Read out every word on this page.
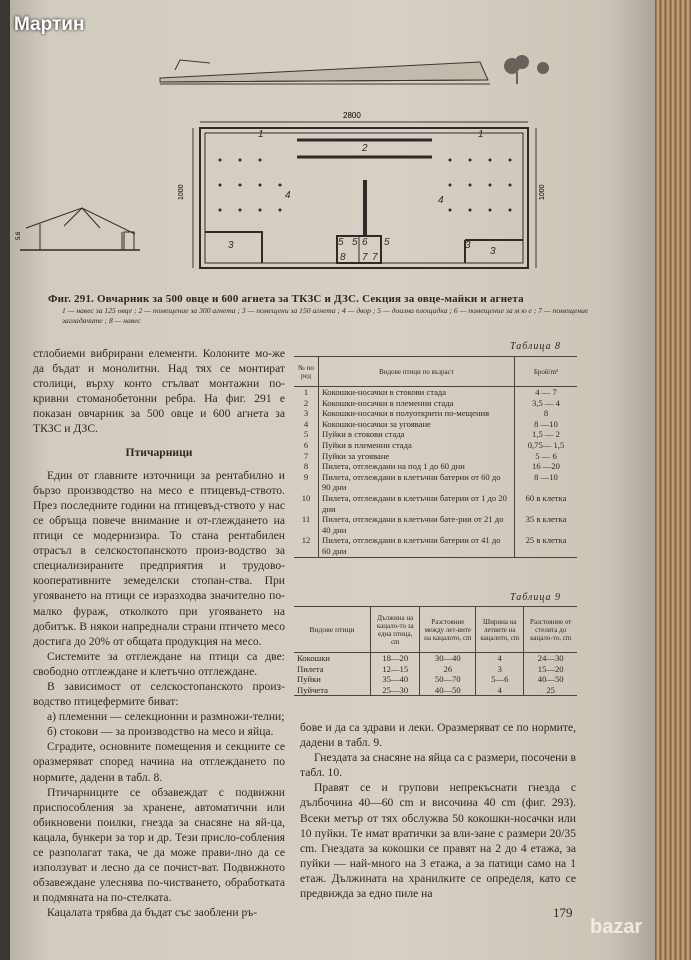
2800
1
2
1
4	4
3
3
3
5 5	5
6
8 7 7
1000	1000
5.6
Мартин
Фиг. 291. Овчарник за 500 овце и 600 агнета за ТКЗС и ДЗС. Секция за овце-майки и агнета
1 — навес за 125 овце ; 2 — помещение за 300 агнета ; 3 — помещени за 150 агнета ; 4 — двор ; 5 — доилна площадка ; 6 — помещение за м ю е ; 7 — помещение загладачите ; 8 — навес

стлобиеми вибрирани елементи. Колоните мо-же да бъдат и монолитни. Над тях се монтират столици, върху конто стълват монтажни по-кривни стоманобетонни ребра. На фиг. 291 е показан овчарник за 500 овце и 600 агнета за ТКЗС и ДЗС.

Птичарници

Един от главните източници за рентабилно и бързо производство на месо е птицевъд-ството. През последните години на птицевъд-ството у нас се обръща повече внимание и от-глеждането на птици се модернизира. То стана рентабилен отрасъл в селскостопанското произ-водство за специализираните предприятия и трудово-кооперативните земеделски стопан-ства. При угояването на птици се изразходва значително по-малко фураж, отколкото при угояването на добитък. В някои напреднали страни птичето месо достига до 20% от общата продукция на месо.

Системите за отглеждане на птици са две: свободно отглеждане и клетъчно отглеждане.

В зависимост от селскостопанското произ-водство птицефермите биват:

а) племенни — селекционни и размножи-телни;

б) стокови — за производство на месо и яйца.

Сградите, основните помещения и секциите се оразмеряват според начина на отглеждането по нормите, дадени в табл. 8.

Птичарниците се обзавеждат с подвижни приспособления за хранене, автоматични или обикновени поилки, гнезда за снасяне на яй-ца, кацала, бункери за тор и др. Тези присло-собления се разполагат така, че да може прави-лно да се използуват и лесно да се почист-ват. Подвижното обзавеждане улеснява по-чистването, обработката и подмяната на по-стелката.

Кацалата трябва да бъдат със заоблени ръ-

Таблица 8
№ по ред	Видове птици по възраст	Брой/m²
1	Кокошки-носачки в стокови стада	4 — 7
2	Кокошки-носачки в племенни стада	3,5 — 4
3	Кокошки-носачки в полуоткрити по-мещения	8
4	Кокошки-носачки за угояване	8 —10
5	Пуйки в стокови стада	1,5 — 2
6	Пуйки в племенни стада	0,75— 1,5
7	Пуйки за угояване	5 — 6
8	Пилета, отглеждани на под 1 до 60 дни	16 —20
9	Пилета, отглеждани в клетъчни батерии от 60 до 90 дни	8 —10
10	Пилета, отглеждани в клетъчни батерии от 1 до 20 дни	60 в клетка
11	Пилета, отглеждани в клетъчни бате-рии от 21 до 40 дни	35 в клетка
12	Пилета, отглеждани в клетъчни батерии от 41 до 60 дни	25 в клетка
Таблица 9
Видове птици	Дължина на кацало-то за една птица, cm	Разстояние между лет-вите на кацалото, cm	Ширина на летвите на кацалото, cm	Разстояние от стелята до кацало-то, cm
Кокошки	18—20	30—40	4	24—30
Пилета	12—15	26	3	15—20
Пуйки	35—40	50—70	5—6	40—50
Пуйчета	25—30	40—50	4	25

бове и да са здрави и леки. Оразмеряват се по нормите, дадени в табл. 9.

Гнездата за снасяне на яйца са с размери, посочени в табл. 10.

Правят се и групови непрекъснати гнезда с дълбочина 40—60 cm и височина 40 cm (фиг. 293). Всеки метър от тях обслужва 50 кокошки-носачки или 10 пуйки. Те имат вратички за вли-зане с размери 20/35 cm. Гнездата за кокошки се правят на 2 до 4 етажа, за пуйки — най-много на 3 етажа, а за патици само на 1 етаж. Дължината на хранилките се определя, като се предвижда за едно пиле на

179
bazar
